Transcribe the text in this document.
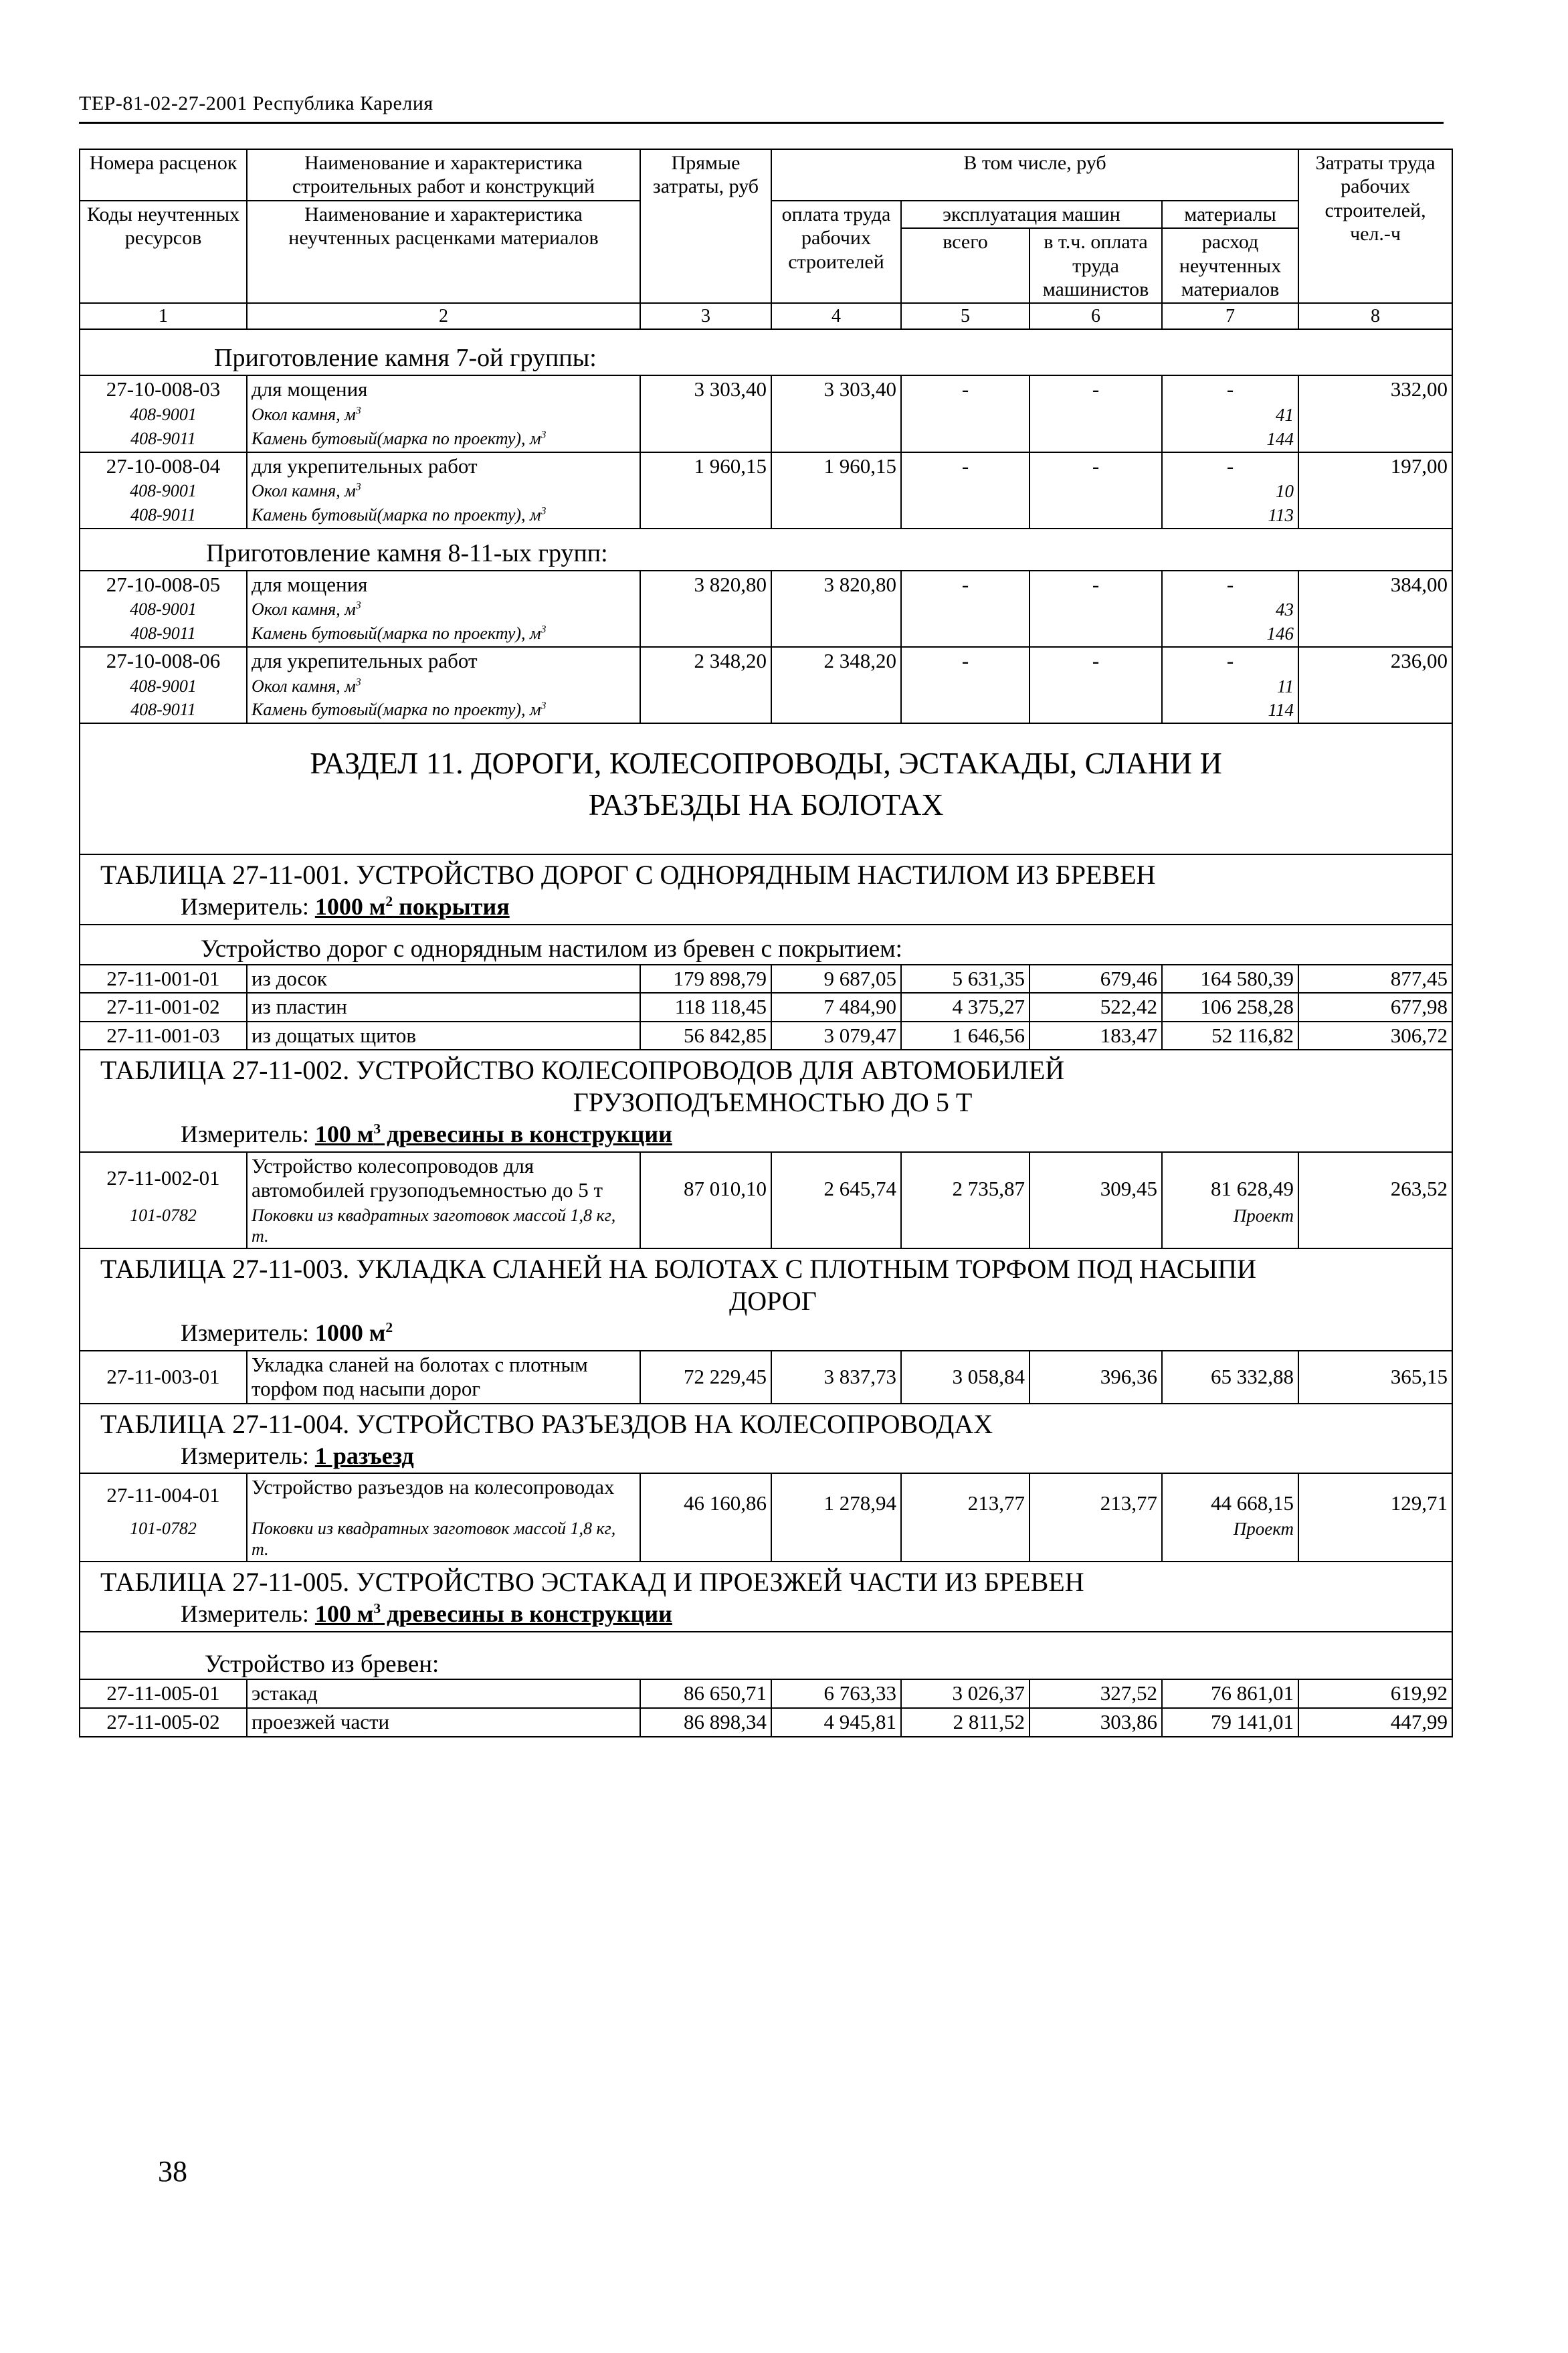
ТЕР-81-02-27-2001 Республика Карелия
Номера расценок	Наименование и характеристика строительных работ и конструкций	Прямые затраты, руб	В том числе, руб				Затраты труда рабочих строителей, чел.-ч
Коды неучтенных ресурсов	Наименование и характеристика неучтенных расценками материалов		оплата труда рабочих строителей	эксплуатация машин		материалы	
				всего	в т.ч. оплата труда машинистов	расход неучтенных материалов	
1	2	3	4	5	6	7	8
Приготовление камня 7-ой группы:							
27-10-008-03	для мощения	3 303,40	3 303,40	-	-	-	332,00
408-9001	Окол камня, $м^3$					41	
408-9011	Камень бутовый(марка по проекту), $м^3$					144	
27-10-008-04	для укрепительных работ	1 960,15	1 960,15	-	-	-	197,00
408-9001	Окол камня, $м^3$					10	
408-9011	Камень бутовый(марка по проекту), $м^3$					113	
Приготовление камня 8-11-ых групп:							
27-10-008-05	для мощения	3 820,80	3 820,80	-	-	-	384,00
408-9001	Окол камня, $м^3$					43	
408-9011	Камень бутовый(марка по проекту), $м^3$					146	
27-10-008-06	для укрепительных работ	2 348,20	2 348,20	-	-	-	236,00
408-9001	Окол камня, $м^3$					11	
408-9011	Камень бутовый(марка по проекту), $м^3$					114	
РАЗДЕЛ 11. ДОРОГИ, КОЛЕСОПРОВОДЫ, ЭСТАКАДЫ, СЛАНИ И
РАЗЪЕЗДЫ НА БОЛОТАХ							
ТАБЛИЦА 27-11-001. УСТРОЙСТВО ДОРОГ С ОДНОРЯДНЫМ НАСТИЛОМ ИЗ БРЕВЕН							
Измеритель: 1000 $м^2$ покрытия							
Устройство дорог с однорядным настилом из бревен с покрытием:							
27-11-001-01	из досок	179 898,79	9 687,05	5 631,35	679,46	164 580,39	877,45
27-11-001-02	из пластин	118 118,45	7 484,90	4 375,27	522,42	106 258,28	677,98
27-11-001-03	из дощатых щитов	56 842,85	3 079,47	1 646,56	183,47	52 116,82	306,72
ТАБЛИЦА 27-11-002. УСТРОЙСТВО КОЛЕСОПРОВОДОВ ДЛЯ АВТОМОБИЛЕЙ
ГРУЗОПОДЪЕМНОСТЬЮ ДО 5 Т							

Измеритель: 100 $м^3$ древесины в конструкции							
27-11-002-01	Устройство колесопроводов для автомобилей грузоподъемностью до 5 т	87 010,10	2 645,74	2 735,87	309,45	81 628,49	263,52
101-0782	Поковки из квадратных заготовок массой 1,8 кг, т.					Проект	
ТАБЛИЦА 27-11-003. УКЛАДКА СЛАНЕЙ НА БОЛОТАХ С ПЛОТНЫМ ТОРФОМ ПОД НАСЫПИ
ДОРОГ							

Измеритель: 1000 $м^2$
27-11-003-01	Укладка сланей на болотах с плотным торфом под насыпи дорог	72 229,45	3 837,73	3 058,84	396,36	65 332,88	365,15
ТАБЛИЦА 27-11-004. УСТРОЙСТВО РАЗЪЕЗДОВ НА КОЛЕСОПРОВОДАХ							
Измеритель: 1 разъезд							
27-11-004-01	Устройство разъездов на колесопроводах	46 160,86	1 278,94	213,77	213,77	44 668,15	129,71
101-0782	Поковки из квадратных заготовок массой 1,8 кг, т.					Проект	
ТАБЛИЦА 27-11-005. УСТРОЙСТВО ЭСТАКАД И ПРОЕЗЖЕЙ ЧАСТИ ИЗ БРЕВЕН							
Измеритель: 100 $м^3$ древесины в конструкции							
Устройство из бревен:							
27-11-005-01	эстакад	86 650,71	6 763,33	3 026,37	327,52	76 861,01	619,92
27-11-005-02	проезжей части	86 898,34	4 945,81	2 811,52	303,86	79 141,01	447,99
38
